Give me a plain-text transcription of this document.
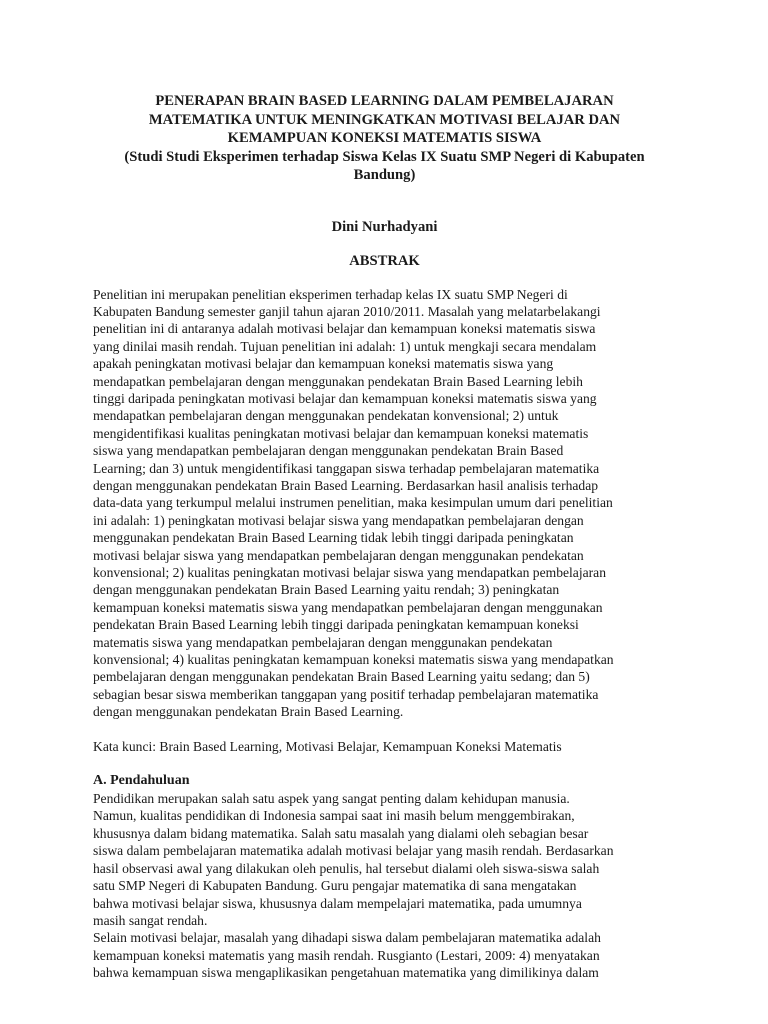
PENERAPAN BRAIN BASED LEARNING DALAM PEMBELAJARAN
MATEMATIKA UNTUK MENINGKATKAN MOTIVASI BELAJAR DAN
KEMAMPUAN KONEKSI MATEMATIS SISWA
(Studi Studi Eksperimen terhadap Siswa Kelas IX Suatu SMP Negeri di Kabupaten
Bandung)
Dini Nurhadyani
ABSTRAK
Penelitian ini merupakan penelitian eksperimen terhadap kelas IX suatu SMP Negeri di
Kabupaten Bandung semester ganjil tahun ajaran 2010/2011. Masalah yang melatarbelakangi
penelitian ini di antaranya adalah motivasi belajar dan kemampuan koneksi matematis siswa
yang dinilai masih rendah. Tujuan penelitian ini adalah: 1) untuk mengkaji secara mendalam
apakah peningkatan motivasi belajar dan kemampuan koneksi matematis siswa yang
mendapatkan pembelajaran dengan menggunakan pendekatan Brain Based Learning lebih
tinggi daripada peningkatan motivasi belajar dan kemampuan koneksi matematis siswa yang
mendapatkan pembelajaran dengan menggunakan pendekatan konvensional; 2) untuk
mengidentifikasi kualitas peningkatan motivasi belajar dan kemampuan koneksi matematis
siswa yang mendapatkan pembelajaran dengan menggunakan pendekatan Brain Based
Learning; dan 3) untuk mengidentifikasi tanggapan siswa terhadap pembelajaran matematika
dengan menggunakan pendekatan Brain Based Learning. Berdasarkan hasil analisis terhadap
data-data yang terkumpul melalui instrumen penelitian, maka kesimpulan umum dari penelitian
ini adalah: 1) peningkatan motivasi belajar siswa yang mendapatkan pembelajaran dengan
menggunakan pendekatan Brain Based Learning tidak lebih tinggi daripada peningkatan
motivasi belajar siswa yang mendapatkan pembelajaran dengan menggunakan pendekatan
konvensional; 2) kualitas peningkatan motivasi belajar siswa yang mendapatkan pembelajaran
dengan menggunakan pendekatan Brain Based Learning yaitu rendah; 3) peningkatan
kemampuan koneksi matematis siswa yang mendapatkan pembelajaran dengan menggunakan
pendekatan Brain Based Learning lebih tinggi daripada peningkatan kemampuan koneksi
matematis siswa yang mendapatkan pembelajaran dengan menggunakan pendekatan
konvensional; 4) kualitas peningkatan kemampuan koneksi matematis siswa yang mendapatkan
pembelajaran dengan menggunakan pendekatan Brain Based Learning yaitu sedang; dan 5)
sebagian besar siswa memberikan tanggapan yang positif terhadap pembelajaran matematika
dengan menggunakan pendekatan Brain Based Learning.
Kata kunci: Brain Based Learning, Motivasi Belajar, Kemampuan Koneksi Matematis
A. Pendahuluan
Pendidikan merupakan salah satu aspek yang sangat penting dalam kehidupan manusia.
Namun, kualitas pendidikan di Indonesia sampai saat ini masih belum menggembirakan,
khususnya dalam bidang matematika. Salah satu masalah yang dialami oleh sebagian besar
siswa dalam pembelajaran matematika adalah motivasi belajar yang masih rendah. Berdasarkan
hasil observasi awal yang dilakukan oleh penulis, hal tersebut dialami oleh siswa-siswa salah
satu SMP Negeri di Kabupaten Bandung. Guru pengajar matematika di sana mengatakan
bahwa motivasi belajar siswa, khususnya dalam mempelajari matematika, pada umumnya
masih sangat rendah.
Selain motivasi belajar, masalah yang dihadapi siswa dalam pembelajaran matematika adalah
kemampuan koneksi matematis yang masih rendah. Rusgianto (Lestari, 2009: 4) menyatakan
bahwa kemampuan siswa mengaplikasikan pengetahuan matematika yang dimilikinya dalam
